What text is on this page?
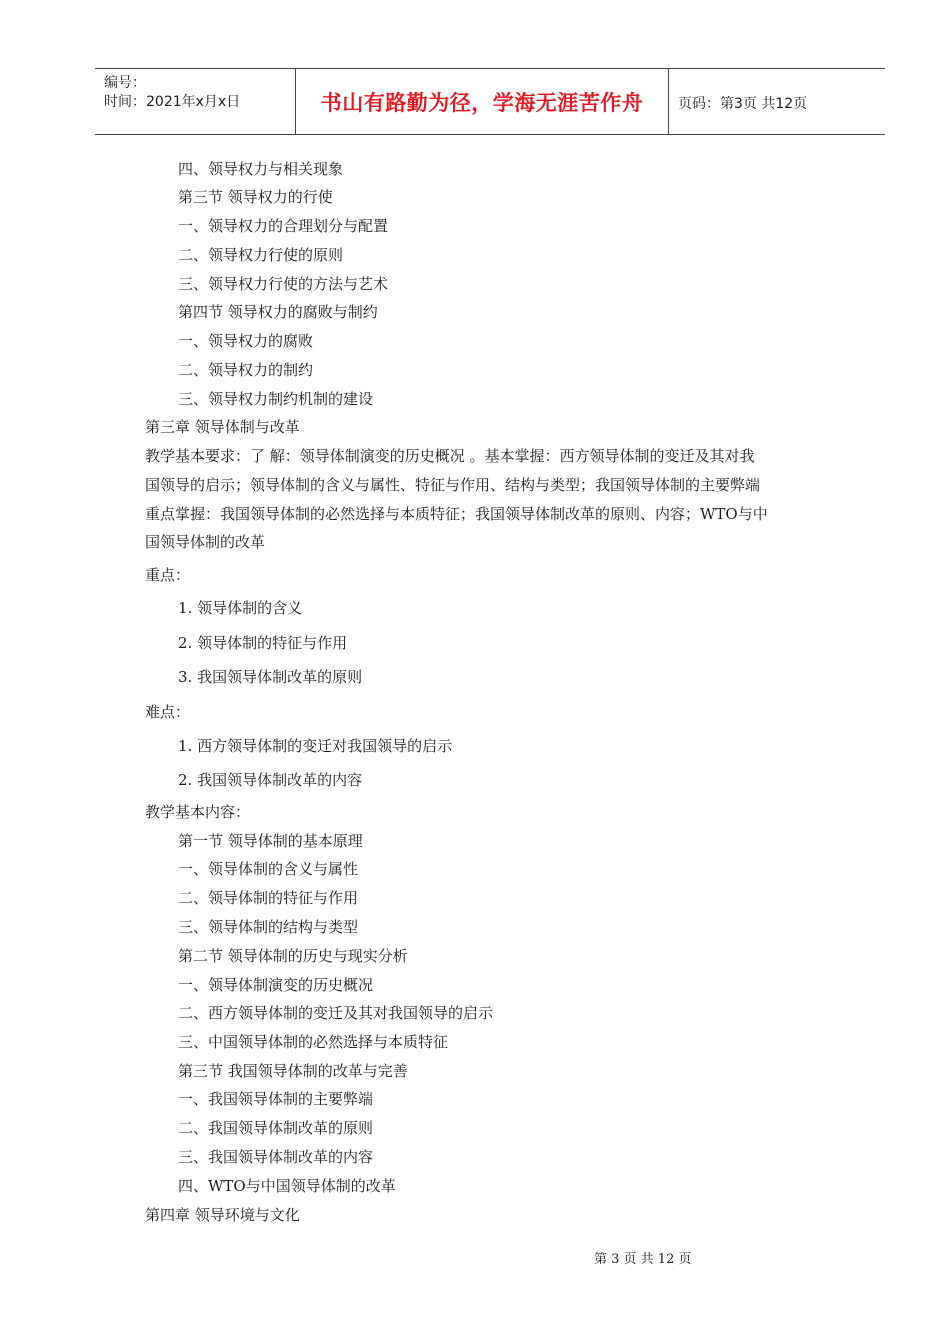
编号：
时间：2021年x月x日	书山有路勤为径，学海无涯苦作舟 页码：第3页 共12页
四、领导权力与相关现象
第三节 领导权力的行使
一、领导权力的合理划分与配置
二、领导权力行使的原则
三、领导权力行使的方法与艺术
第四节 领导权力的腐败与制约
一、领导权力的腐败
二、领导权力的制约
三、领导权力制约机制的建设
第三章 领导体制与改革
教学基本要求：了 解：领导体制演变的历史概况 。基本掌握：西方领导体制的变迁及其对我
国领导的启示；领导体制的含义与属性、特征与作用、结构与类型；我国领导体制的主要弊端
重点掌握：我国领导体制的必然选择与本质特征；我国领导体制改革的原则、内容；WTO与中
国领导体制的改革
重点：
1. 领导体制的含义
2. 领导体制的特征与作用
3. 我国领导体制改革的原则
难点：
1. 西方领导体制的变迁对我国领导的启示
2. 我国领导体制改革的内容
教学基本内容：
第一节 领导体制的基本原理
一、领导体制的含义与属性
二、领导体制的特征与作用
三、领导体制的结构与类型
第二节 领导体制的历史与现实分析
一、领导体制演变的历史概况
二、西方领导体制的变迁及其对我国领导的启示
三、中国领导体制的必然选择与本质特征
第三节 我国领导体制的改革与完善
一、我国领导体制的主要弊端
二、我国领导体制改革的原则
三、我国领导体制改革的内容
四、WTO与中国领导体制的改革
第四章 领导环境与文化
第 3 页 共 12 页
